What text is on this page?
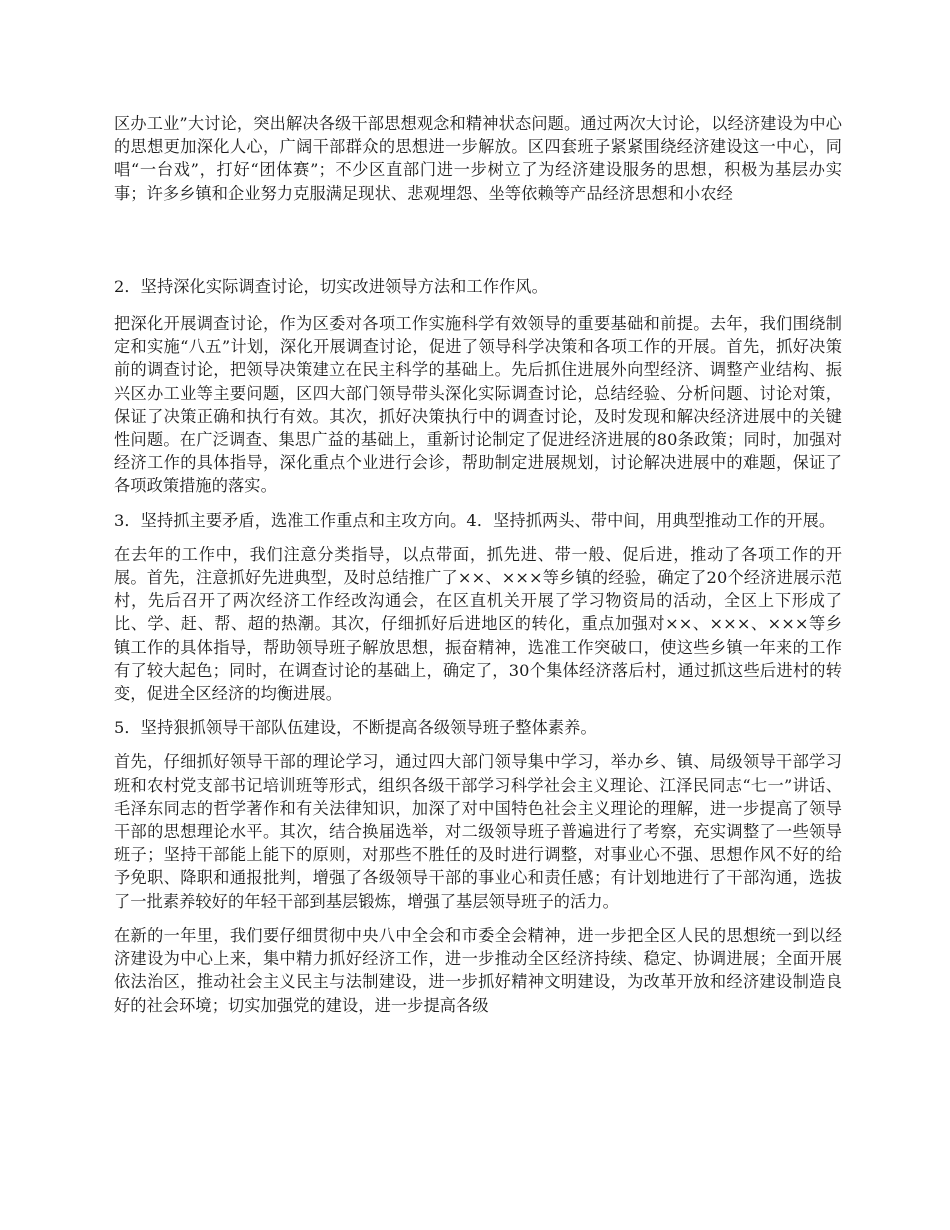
区办工业”大讨论，突出解决各级干部思想观念和精神状态问题。通过两次大讨论，以经济建设为中心的思想更加深化人心，广阔干部群众的思想进一步解放。区四套班子紧紧围绕经济建设这一中心，同唱“一台戏”，打好“团体赛”；不少区直部门进一步树立了为经济建设服务的思想，积极为基层办实事；许多乡镇和企业努力克服满足现状、悲观埋怨、坐等依赖等产品经济思想和小农经

2．坚持深化实际调查讨论，切实改进领导方法和工作作风。

把深化开展调查讨论，作为区委对各项工作实施科学有效领导的重要基础和前提。去年，我们围绕制定和实施“八五”计划，深化开展调查讨论，促进了领导科学决策和各项工作的开展。首先，抓好决策前的调查讨论，把领导决策建立在民主科学的基础上。先后抓住进展外向型经济、调整产业结构、振兴区办工业等主要问题，区四大部门领导带头深化实际调查讨论，总结经验、分析问题、讨论对策，保证了决策正确和执行有效。其次，抓好决策执行中的调查讨论，及时发现和解决经济进展中的关键性问题。在广泛调查、集思广益的基础上，重新讨论制定了促进经济进展的80条政策；同时，加强对经济工作的具体指导，深化重点个业进行会诊，帮助制定进展规划，讨论解决进展中的难题，保证了各项政策措施的落实。

3．坚持抓主要矛盾，选准工作重点和主攻方向。4．坚持抓两头、带中间，用典型推动工作的开展。

在去年的工作中，我们注意分类指导，以点带面，抓先进、带一般、促后进，推动了各项工作的开展。首先，注意抓好先进典型，及时总结推广了××、×××等乡镇的经验，确定了20个经济进展示范村，先后召开了两次经济工作经改沟通会，在区直机关开展了学习物资局的活动，全区上下形成了比、学、赶、帮、超的热潮。其次，仔细抓好后进地区的转化，重点加强对××、×××、×××等乡镇工作的具体指导，帮助领导班子解放思想，振奋精神，选准工作突破口，使这些乡镇一年来的工作有了较大起色；同时，在调查讨论的基础上，确定了，30个集体经济落后村，通过抓这些后进村的转变，促进全区经济的均衡进展。

5．坚持狠抓领导干部队伍建设，不断提高各级领导班子整体素养。

首先，仔细抓好领导干部的理论学习，通过四大部门领导集中学习，举办乡、镇、局级领导干部学习班和农村党支部书记培训班等形式，组织各级干部学习科学社会主义理论、江泽民同志“七一”讲话、毛泽东同志的哲学著作和有关法律知识，加深了对中国特色社会主义理论的理解，进一步提高了领导干部的思想理论水平。其次，结合换届选举，对二级领导班子普遍进行了考察，充实调整了一些领导班子；坚持干部能上能下的原则，对那些不胜任的及时进行调整，对事业心不强、思想作风不好的给予免职、降职和通报批判，增强了各级领导干部的事业心和责任感；有计划地进行了干部沟通，选拔了一批素养较好的年轻干部到基层锻炼，增强了基层领导班子的活力。

在新的一年里，我们要仔细贯彻中央八中全会和市委全会精神，进一步把全区人民的思想统一到以经济建设为中心上来，集中精力抓好经济工作，进一步推动全区经济持续、稳定、协调进展；全面开展依法治区，推动社会主义民主与法制建设，进一步抓好精神文明建设，为改革开放和经济建设制造良好的社会环境；切实加强党的建设，进一步提高各级
